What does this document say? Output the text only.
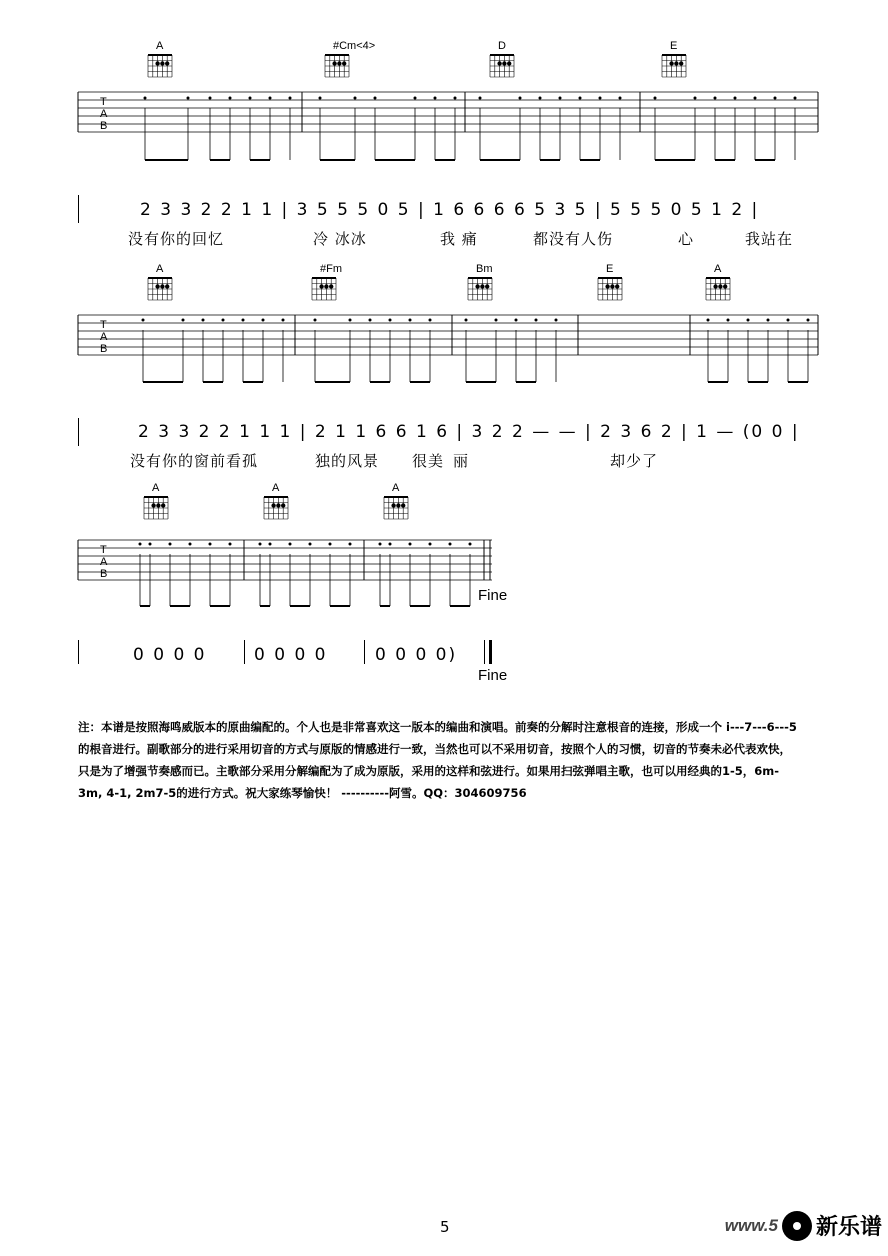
T
A
B
A	#Cm<4>	D	E
T
A
B
A	#Fm	Bm	E	A
T
A
B
A	A	A
2 3 3 2 2 1 1 | 3 5 5 5 0 5 | 1 6 6 6 6 5 3 5 | 5 5 5 0 5 1 2 |
没有你的回忆	冷 冰冰	我 痛	都没有人伤	心	我站在
2 3 3 2 2 1 1 1 | 2 1 1 6 6 1 6 | 3 2 2 — — | 2 3 6 2 | 1 — (0 0 |
没有你的窗前看孤	独的风景 很美 丽	却少了
0 0 0 0	0 0 0 0	0 0 0 0)
Fine
Fine
注：本谱是按照海鸣威版本的原曲编配的。个人也是非常喜欢这一版本的编曲和演唱。前奏的分解时注意根音的连接，形成一个 i---7---6---5的根音进行。副歌部分的进行采用切音的方式与原版的情感进行一致，当然也可以不采用切音，按照个人的习惯，切音的节奏未必代表欢快，只是为了增强节奏感而已。主歌部分采用分解编配为了成为原版，采用的这样和弦进行。如果用扫弦弹唱主歌，也可以用经典的1-5，6m-3m, 4-1, 2m7-5的进行方式。祝大家练琴愉快！ ----------阿雪。QQ：304609756
5	www.5 新乐谱
